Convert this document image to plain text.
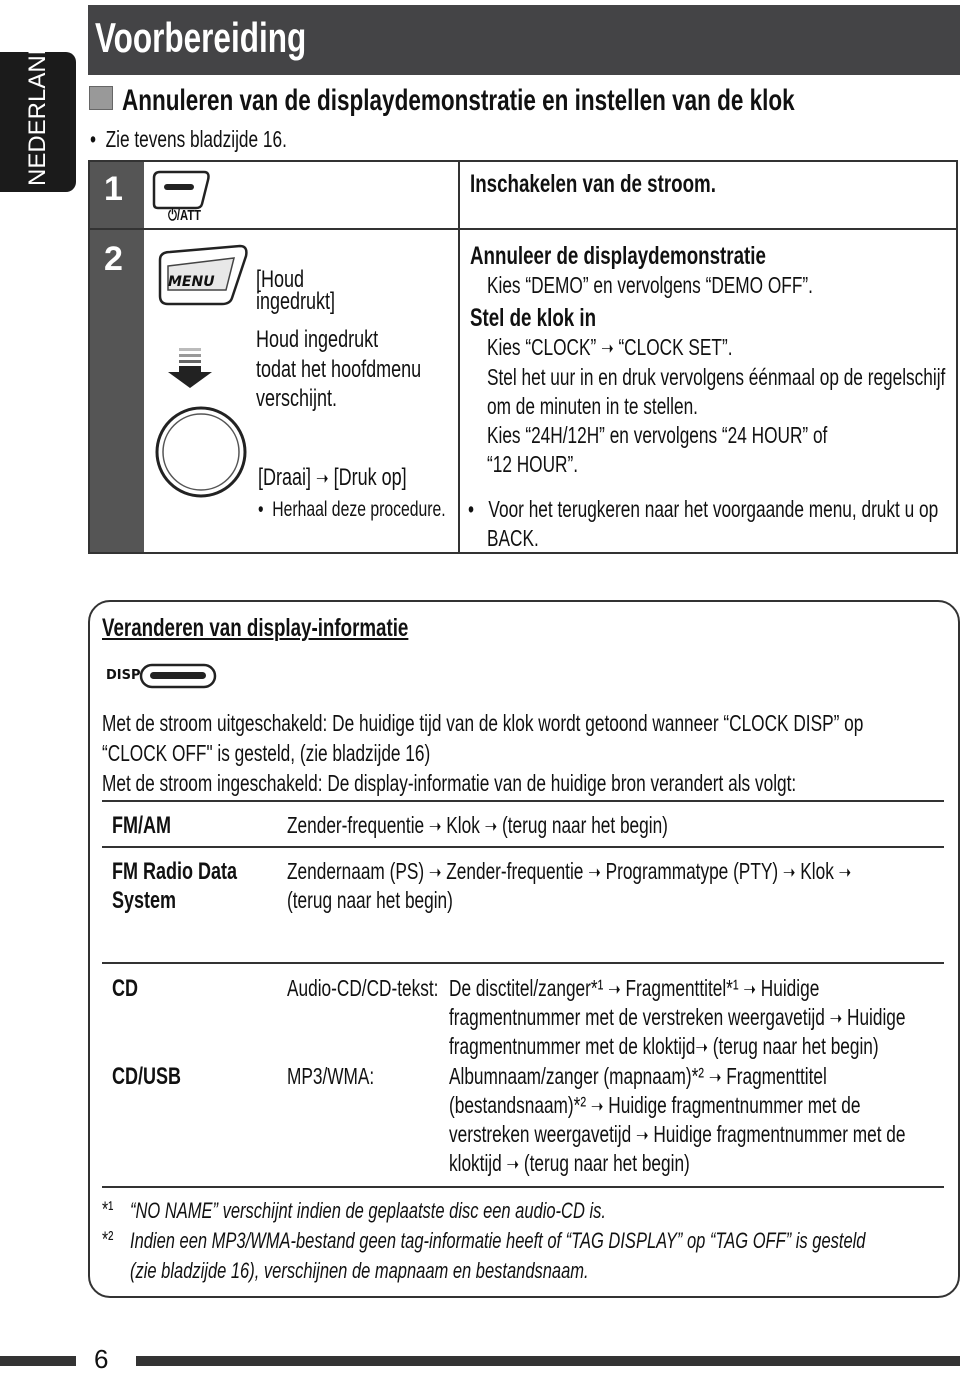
NEDERLANDS Voorbereiding
Annuleren van de displaydemonstratie en instellen van de klok
•  Zie tevens bladzijde 16.
1
2
⏻/ATT
Inschakelen van de stroom.
MENU [Houd
ingedrukt]
Houd ingedrukt
todat het hoofdmenu
verschijnt.
[Draai] ➝ [Druk op]
•  Herhaal deze procedure.
Annuleer de displaydemonstratie
Kies “DEMO” en vervolgens “DEMO OFF”.
Stel de klok in
Kies “CLOCK” ➝ “CLOCK SET”.
Stel het uur in en druk vervolgens éénmaal op de regelschijf
om de minuten in te stellen.
Kies “24H/12H” en vervolgens “24 HOUR” of
“12 HOUR”.
•   Voor het terugkeren naar het voorgaande menu, drukt u op
BACK.
Veranderen van display-informatie
DISP
Met de stroom uitgeschakeld: De huidige tijd van de klok wordt getoond wanneer “CLOCK DISP” op
“CLOCK OFF" is gesteld, (zie bladzijde 16)
Met de stroom ingeschakeld: De display-informatie van de huidige bron verandert als volgt:
FM/AM	Zender-frequentie ➝ Klok ➝ (terug naar het begin)
FM Radio Data
System
Zendernaam (PS) ➝ Zender-frequentie ➝ Programmatype (PTY) ➝ Klok ➝
(terug naar het begin)
CD
CD/USB
Audio-CD/CD-tekst:
MP3/WMA:
De disctitel/zanger*¹ ➝ Fragmenttitel*¹ ➝ Huidige
fragmentnummer met de verstreken weergavetijd ➝ Huidige
fragmentnummer met de kloktijd➝ (terug naar het begin)
Albumnaam/zanger (mapnaam)*² ➝ Fragmenttitel
(bestandsnaam)*² ➝ Huidige fragmentnummer met de
verstreken weergavetijd ➝ Huidige fragmentnummer met de
kloktijd ➝ (terug naar het begin)
*¹ “NO NAME” verschijnt indien de geplaatste disc een audio-CD is.
*² Indien een MP3/WMA-bestand geen tag-informatie heeft of “TAG DISPLAY” op “TAG OFF” is gesteld
(zie bladzijde 16), verschijnen de mapnaam en bestandsnaam.
6
